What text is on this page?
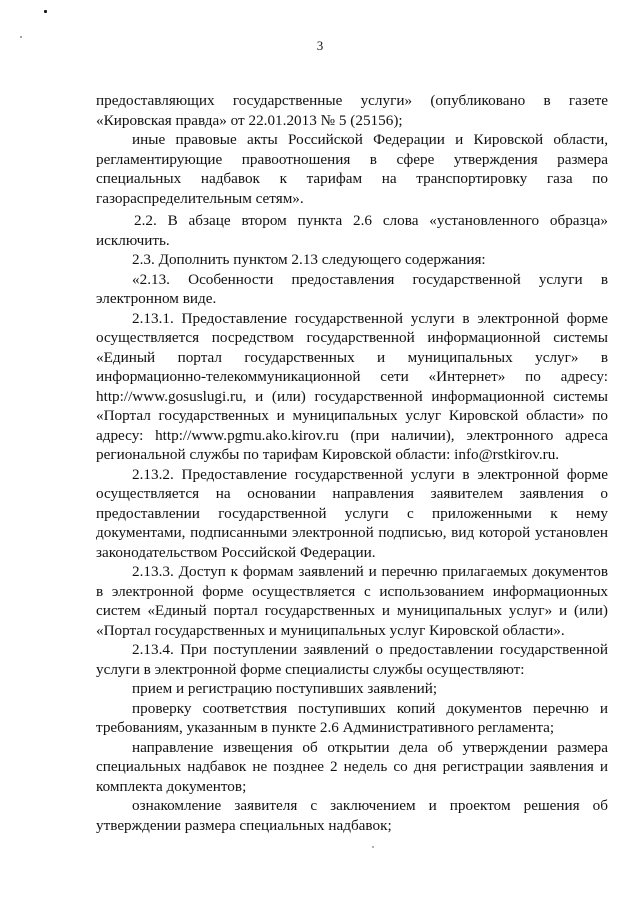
3

предоставляющих государственные услуги» (опубликовано в газете «Кировская правда» от 22.01.2013 № 5 (25156);

иные правовые акты Российской Федерации и Кировской области, регламентирующие правоотношения в сфере утверждения размера специальных надбавок к тарифам на транспортировку газа по газораспределительным сетям».

2.2. В абзаце втором пункта 2.6 слова «установленного образца» исключить.

2.3. Дополнить пунктом 2.13 следующего содержания:

«2.13. Особенности предоставления государственной услуги в электронном виде.

2.13.1. Предоставление государственной услуги в электронной форме осуществляется посредством государственной информационной системы «Единый портал государственных и муниципальных услуг» в информационно-телекоммуникационной сети «Интернет» по адресу: http://www.gosuslugi.ru, и (или) государственной информационной системы «Портал государственных и муниципальных услуг Кировской области» по адресу: http://www.pgmu.ako.kirov.ru (при наличии), электронного адреса региональной службы по тарифам Кировской области: info@rstkirov.ru.

2.13.2. Предоставление государственной услуги в электронной форме осуществляется на основании направления заявителем заявления о предоставлении государственной услуги с приложенными к нему документами, подписанными электронной подписью, вид которой установлен законодательством Российской Федерации.

2.13.3. Доступ к формам заявлений и перечню прилагаемых документов в электронной форме осуществляется с использованием информационных систем «Единый портал государственных и муниципальных услуг» и (или) «Портал государственных и муниципальных услуг Кировской области».

2.13.4. При поступлении заявлений о предоставлении государственной услуги в электронной форме специалисты службы осуществляют:

прием и регистрацию поступивших заявлений;

проверку соответствия поступивших копий документов перечню и требованиям, указанным в пункте 2.6 Административного регламента;

направление извещения об открытии дела об утверждении размера специальных надбавок не позднее 2 недель со дня регистрации заявления и комплекта документов;

ознакомление заявителя с заключением и проектом решения об утверждении размера специальных надбавок;
